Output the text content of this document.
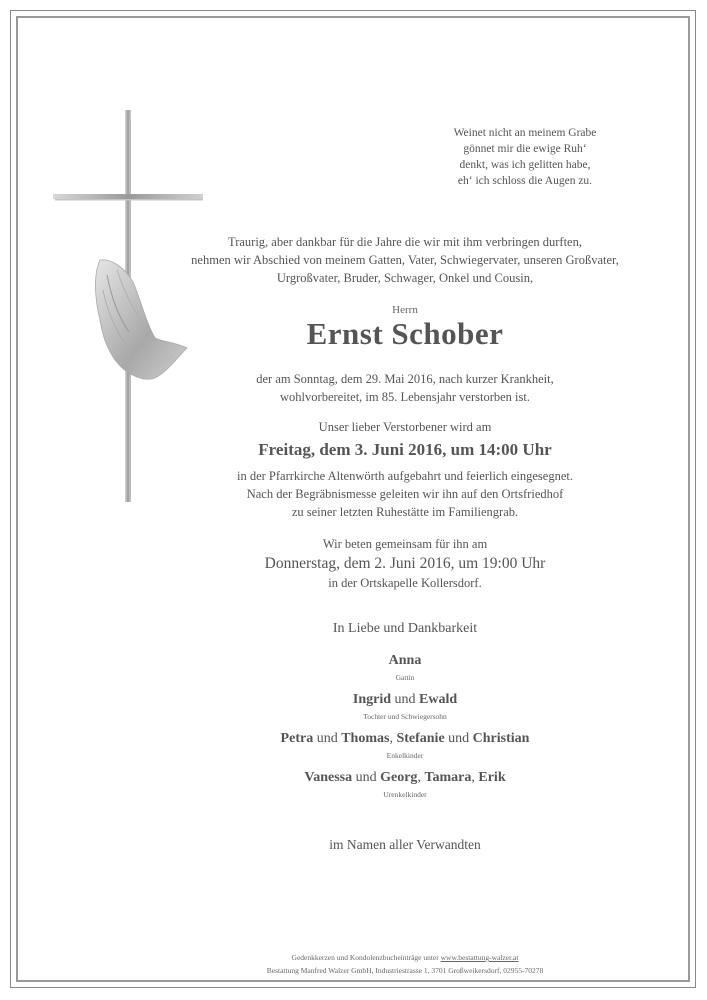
Weinet nicht an meinem Grabe
gönnet mir die ewige Ruh‘
denkt, was ich gelitten habe,
eh‘ ich schloss die Augen zu.
Traurig, aber dankbar für die Jahre die wir mit ihm verbringen durften,
nehmen wir Abschied von meinem Gatten, Vater, Schwiegervater, unseren Großvater,
Urgroßvater, Bruder, Schwager, Onkel und Cousin,
Herrn
Ernst Schober
der am Sonntag, dem 29. Mai 2016, nach kurzer Krankheit,
wohlvorbereitet, im 85. Lebensjahr verstorben ist.
Unser lieber Verstorbener wird am
Freitag, dem 3. Juni 2016, um 14:00 Uhr
in der Pfarrkirche Altenwörth aufgebahrt und feierlich eingesegnet.
Nach der Begräbnismesse geleiten wir ihn auf den Ortsfriedhof
zu seiner letzten Ruhestätte im Familiengrab.
Wir beten gemeinsam für ihn am
Donnerstag, dem 2. Juni 2016, um 19:00 Uhr
in der Ortskapelle Kollersdorf.
In Liebe und Dankbarkeit
Anna
Gattin
Ingrid und Ewald
Tochter und Schwiegersohn
Petra und Thomas, Stefanie und Christian
Enkelkinder
Vanessa und Georg, Tamara, Erik
Urenkelkinder
im Namen aller Verwandten
Gedenkkerzen und Kondolenzbucheinträge unter www.bestattung-walzer.at
Bestattung Manfred Walzer GmbH, Industriestrasse 1, 3701 Großweikersdorf, 02955-70278
